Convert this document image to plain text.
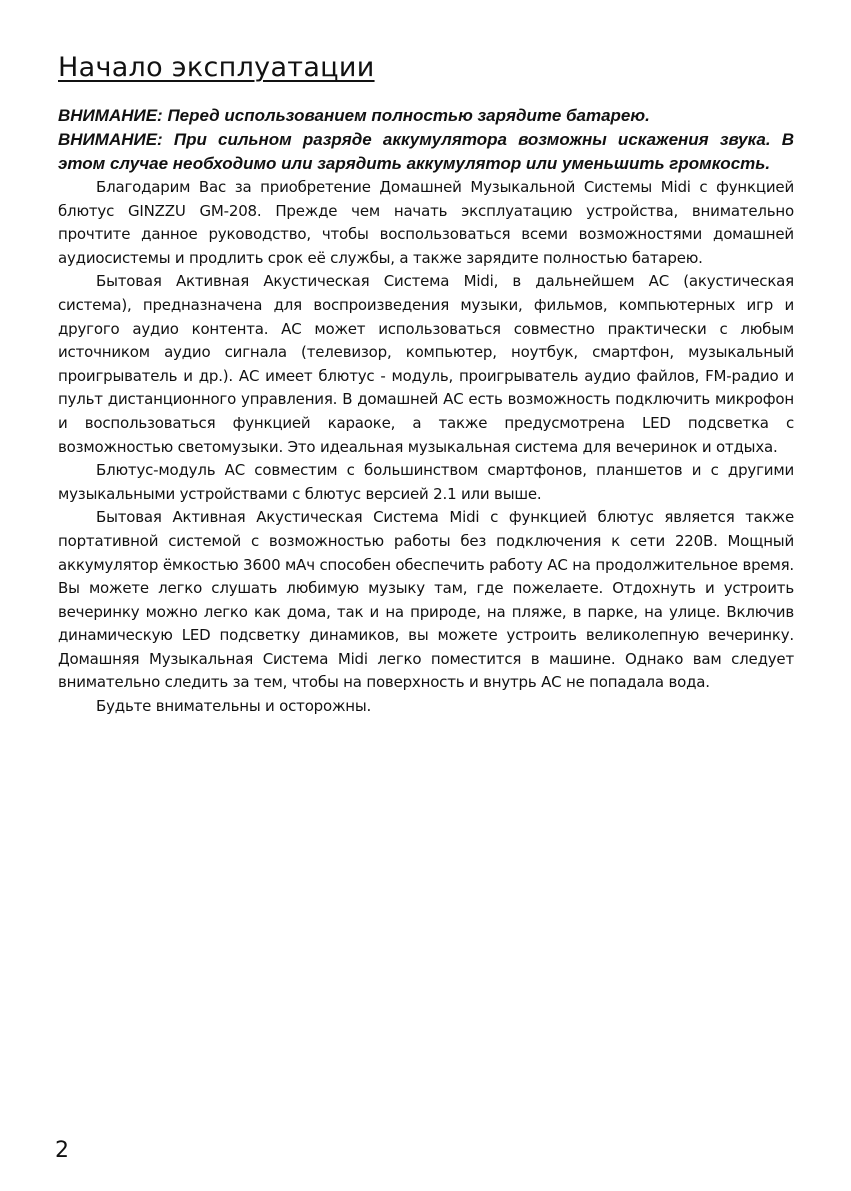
Начало эксплуатации

ВНИМАНИЕ: Перед использованием полностью зарядите батарею.

ВНИМАНИЕ: При сильном разряде аккумулятора возможны искажения звука. В этом случае необходимо или зарядить аккумулятор или уменьшить громкость.

Благодарим Вас за приобретение Домашней Музыкальной Системы Midi с функцией блютус GINZZU GM-208. Прежде чем начать эксплуатацию устройства, внимательно прочтите данное руководство, чтобы воспользоваться всеми возможностями домашней аудиосистемы и продлить срок её службы, а также зарядите полностью батарею.

Бытовая Активная Акустическая Система Midi, в дальнейшем АС (акустическая система), предназначена для воспроизведения музыки, фильмов, компьютерных игр и другого аудио контента. АС может использоваться совместно практически с любым источником аудио сигнала (телевизор, компьютер, ноутбук, смартфон, музыкальный проигрыватель и др.). АС имеет блютус - модуль, проигрыватель аудио файлов, FM-радио и пульт дистанционного управления. В домашней АС есть возможность подключить микрофон и воспользоваться функцией караоке, а также предусмотрена LED подсветка с возможностью светомузыки. Это идеальная музыкальная система для вечеринок и отдыха.

Блютус-модуль АС совместим с большинством смартфонов, планшетов и с другими музыкальными устройствами с блютус версией 2.1 или выше.

Бытовая Активная Акустическая Система Midi с функцией блютус является также портативной системой с возможностью работы без подключения к сети 220В. Мощный аккумулятор ёмкостью 3600 мАч способен обеспечить работу АС на продолжительное время. Вы можете легко слушать любимую музыку там, где пожелаете. Отдохнуть и устроить вечеринку можно легко как дома, так и на природе, на пляже, в парке, на улице. Включив динамическую LED подсветку динамиков, вы можете устроить великолепную вечеринку. Домашняя Музыкальная Система Midi легко поместится в машине. Однако вам следует внимательно следить за тем, чтобы на поверхность и внутрь АС не попадала вода.

Будьте внимательны и осторожны.

2
